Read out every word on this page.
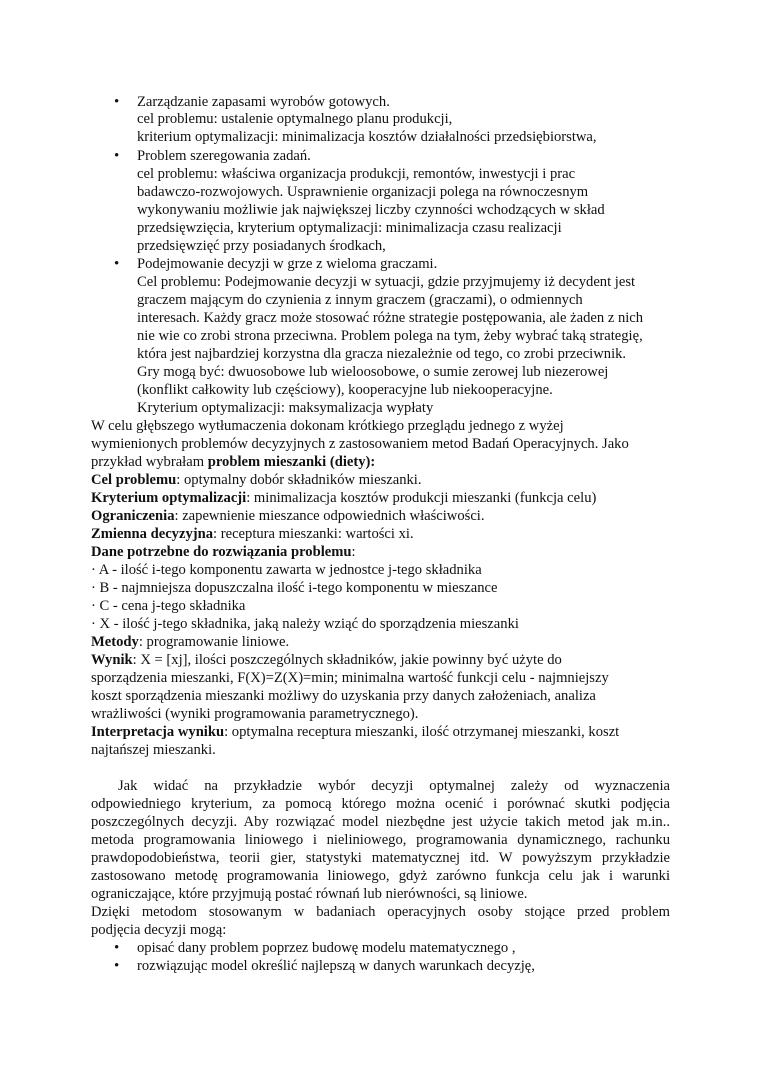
• Zarządzanie zapasami wyrobów gotowych.
cel problemu: ustalenie optymalnego planu produkcji,
kriterium optymalizacji: minimalizacja kosztów działalności przedsiębiorstwa,
• Problem szeregowania zadań.
cel problemu: właściwa organizacja produkcji, remontów, inwestycji i prac
badawczo-rozwojowych. Usprawnienie organizacji polega na równoczesnym
wykonywaniu możliwie jak największej liczby czynności wchodzących w skład
przedsięwzięcia, kryterium optymalizacji: minimalizacja czasu realizacji
przedsięwzięć przy posiadanych środkach,
• Podejmowanie decyzji w grze z wieloma graczami.
Cel problemu: Podejmowanie decyzji w sytuacji, gdzie przyjmujemy iż decydent jest
graczem mającym do czynienia z innym graczem (graczami), o odmiennych
interesach. Każdy gracz może stosować różne strategie postępowania, ale żaden z nich
nie wie co zrobi strona przeciwna. Problem polega na tym, żeby wybrać taką strategię,
która jest najbardziej korzystna dla gracza niezależnie od tego, co zrobi przeciwnik.
Gry mogą być: dwuosobowe lub wieloosobowe, o sumie zerowej lub niezerowej
(konflikt całkowity lub częściowy), kooperacyjne lub niekooperacyjne.
Kryterium optymalizacji: maksymalizacja wypłaty
W celu głębszego wytłumaczenia dokonam krótkiego przeglądu jednego z wyżej
wymienionych problemów decyzyjnych z zastosowaniem metod Badań Operacyjnych. Jako
przykład wybrałam problem mieszanki (diety):
Cel problemu: optymalny dobór składników mieszanki.
Kryterium optymalizacji: minimalizacja kosztów produkcji mieszanki (funkcja celu)
Ograniczenia: zapewnienie mieszance odpowiednich właściwości.
Zmienna decyzyjna: receptura mieszanki: wartości xi.
Dane potrzebne do rozwiązania problemu:
· A - ilość i-tego komponentu zawarta w jednostce j-tego składnika
· B - najmniejsza dopuszczalna ilość i-tego komponentu w mieszance
· C - cena j-tego składnika
· X - ilość j-tego składnika, jaką należy wziąć do sporządzenia mieszanki
Metody: programowanie liniowe.
Wynik: X = [xj], ilości poszczególnych składników, jakie powinny być użyte do
sporządzenia mieszanki, F(X)=Z(X)=min; minimalna wartość funkcji celu - najmniejszy
koszt sporządzenia mieszanki możliwy do uzyskania przy danych założeniach, analiza
wrażliwości (wyniki programowania parametrycznego).
Interpretacja wyniku: optymalna receptura mieszanki, ilość otrzymanej mieszanki, koszt
najtańszej mieszanki.
Jak widać na przykładzie wybór decyzji optymalnej zależy od wyznaczenia
odpowiedniego kryterium, za pomocą którego można ocenić i porównać skutki podjęcia
poszczególnych decyzji. Aby rozwiązać model niezbędne jest użycie takich metod jak m.in..
metoda programowania liniowego i nieliniowego, programowania dynamicznego, rachunku
prawdopodobieństwa, teorii gier, statystyki matematycznej itd. W powyższym przykładzie
zastosowano metodę programowania liniowego, gdyż zarówno funkcja celu jak i warunki
ograniczające, które przyjmują postać równań lub nierówności, są liniowe.
Dzięki metodom stosowanym w badaniach operacyjnych osoby stojące przed problem
podjęcia decyzji mogą:
• opisać dany problem poprzez budowę modelu matematycznego ,
• rozwiązując model określić najlepszą w danych warunkach decyzję,
